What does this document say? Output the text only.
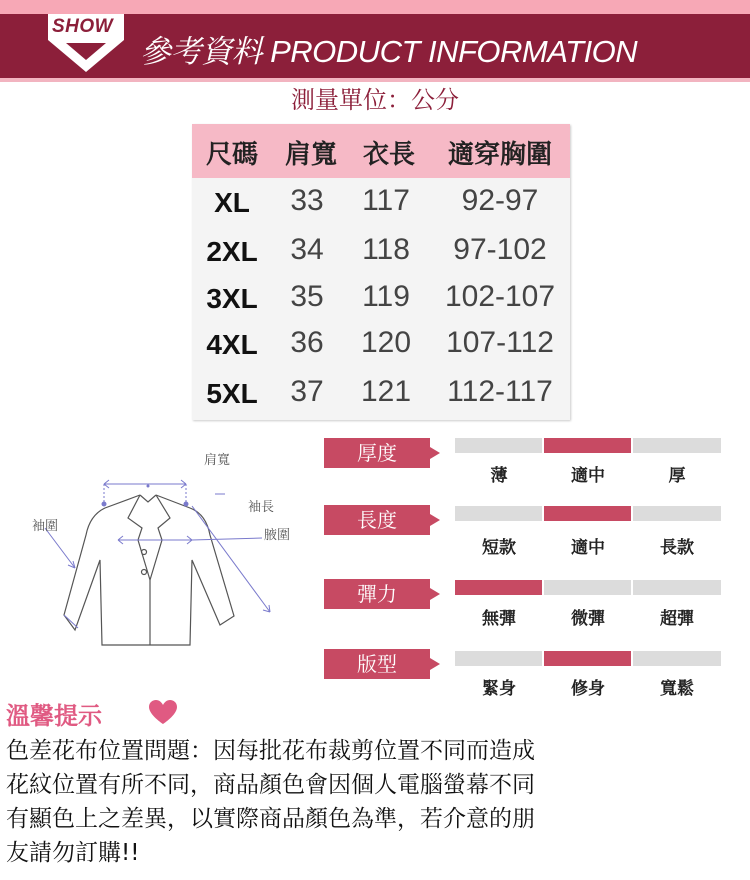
SHOW
參考資料 PRODUCT INFORMATION
測量單位：公分
尺碼 肩寬 衣長 適穿胸圍
XL 33 117 92-97
2XL 34 118 97-102
3XL 35 119 102-107
4XL 36 120 107-112
5XL 37 121 112-117
肩寬
袖圍
袖長
腋圍
厚度
薄	適中	厚
長度
短款	適中	長款
彈力
無彈	微彈	超彈
版型
緊身	修身	寬鬆
溫馨提示
色差花布位置問題：因每批花布裁剪位置不同而造成
花紋位置有所不同，商品顏色會因個人電腦螢幕不同
有顯色上之差異，以實際商品顏色為準，若介意的朋
友請勿訂購!!
